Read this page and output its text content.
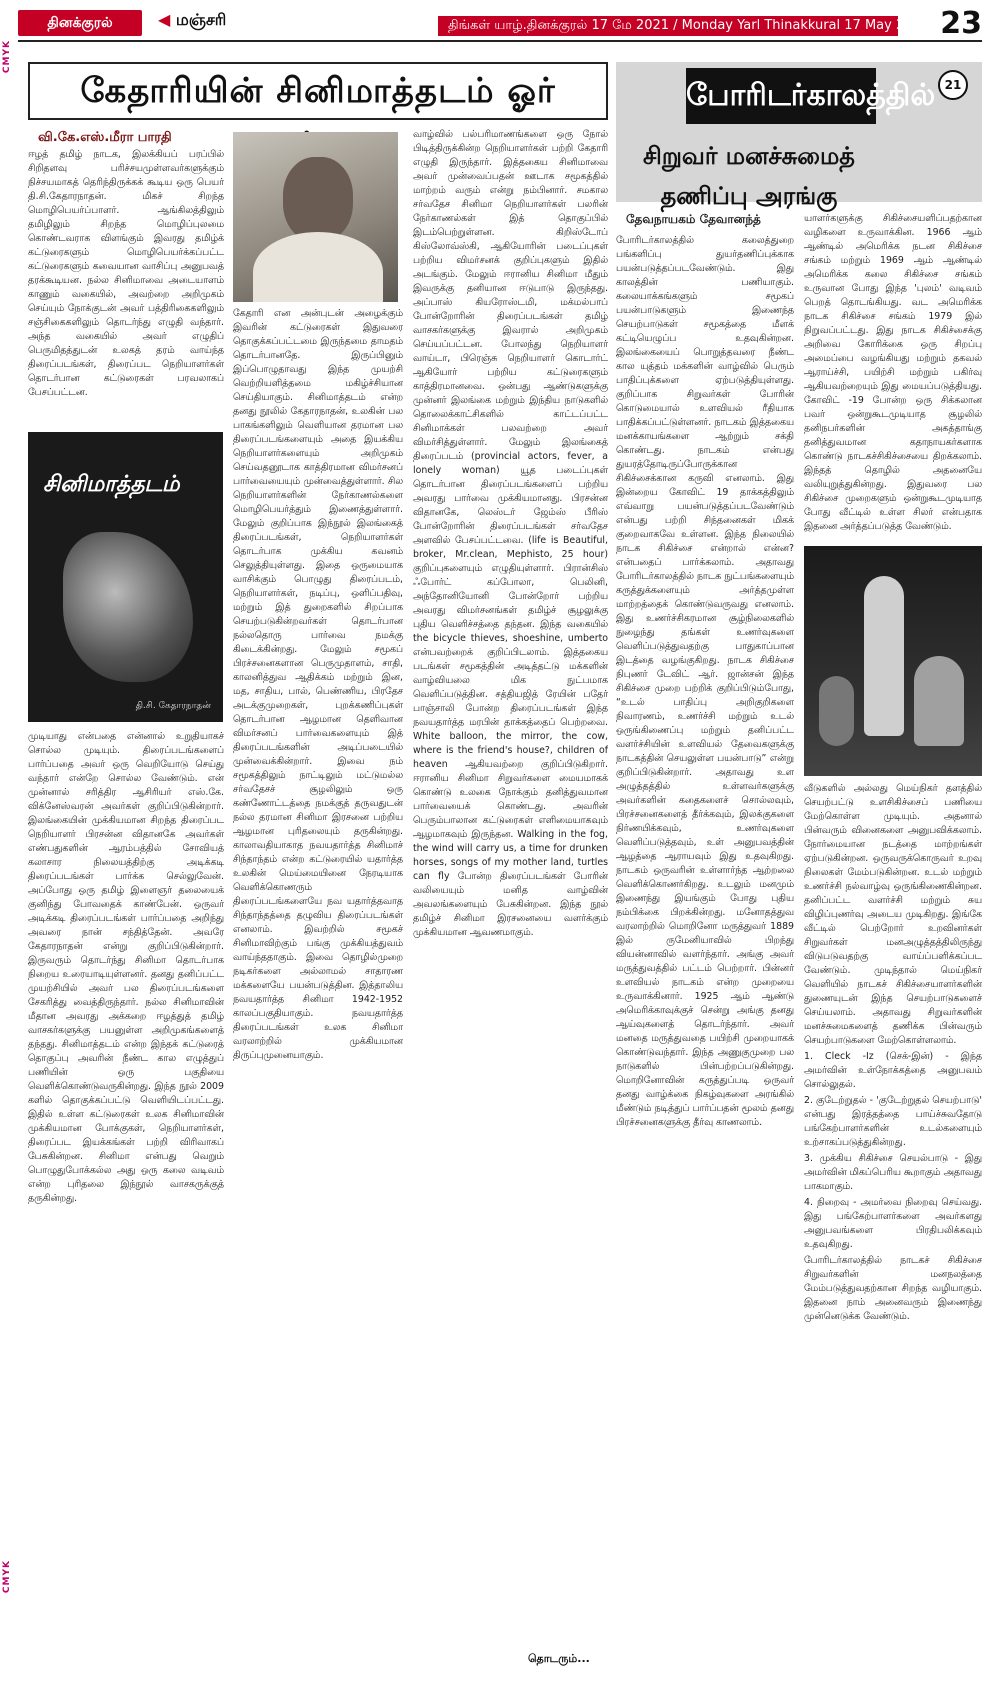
CMYK
CMYK
தினக்குரல்	◀ மஞ்சரி	திங்கள் யாழ்.தினக்குரல் 17 மே 2021 / Monday Yarl Thinakkural 17 May 2021 23
கேதாரியின் சினிமாத்தடம் ஓர்
வி.கே.எஸ்.மீரா பாரதி

ஈழத் தமிழ் நாடக, இலக்கியப் பரப்பில் சிறிதளவு பரிச்சயமுள்ளவர்களுக்கும் நிச்சயமாகத் தெரிந்திருக்கக் கூடிய ஒரு பெயர் தி.சி.கேதாரநாதன். மிகச் சிறந்த மொழிபெயர்ப்பாளர். ஆங்கிலத்திலும் தமிழிலும் சிறந்த மொழிப்புலமை கொண்டவராக விளங்கும் இவரது தமிழ்க் கட்டுரைகளும் மொழிபெயர்க்கப்பட்ட கட்டுரைகளும் கவையான வாசிப்பு அனுபவத் தரக்கூடியன. நல்ல சினிமாவை அடையாளம் காணும் வகையில், அவற்றை அறிமுகம் செய்யும் நோக்குடன் அவர் பத்திரிகைகளிலும் சஞ்சிகைகளிலும் தொடர்ந்து எழுதி வந்தார். அந்த வகையில் அவர் எழுதிப் பெருமிதத்துடன் உலகத் தரம் வாய்ந்த திரைப்படங்கள், திரைப்பட நெறியாளர்கள் தொடர்பான கட்டுரைகள் பரவலாகப் பேசப்பட்டன.

கேதாரி என அன்புடன் அழைக்கும் இவரின் கட்டுரைகள் இதுவரை தொகுக்கப்பட்டமை இருந்தமை தாமதம் தொடர்பானதே. இருப்பினும் இப்பொழுதாவது இந்த முயற்சி வெற்றியளித்தமை மகிழ்ச்சியான செய்தியாகும். சினிமாத்தடம் என்ற தனது நூலில் கேதாரநாதன், உலகின் பல பாகங்களிலும் வெளியான தரமான பல திரைப்படங்களையும் அதை இயக்கிய நெறியாளர்களையும் அறிமுகம் செய்வதனூடாக காத்திரமான விமர்சனப் பார்வையையும் முன்வைத்துள்ளார். சில நெறியாளர்களின் நேர்காணல்களை மொழிபெயர்த்தும் இணைத்துள்ளார். மேலும் குறிப்பாக இந்நூல் இலங்கைத் திரைப்படங்கள், நெறியாளர்கள் தொடர்பாக முக்கிய கவனம் செலுத்தியுள்ளது. இதை ஒருமையாக வாசிக்கும் பொழுது திரைப்படம், நெறியாளர்கள், நடிப்பு, ஒளிப்பதிவு, மற்றும் இத் துறைகளில் சிறப்பாக செயற்படுகின்றவர்கள் தொடர்பான நல்லதொரு பார்வை நமக்கு கிடைக்கின்றது. மேலும் சமூகப் பிரச்சனைகளான பெருமுதாளம், சாதி, காலனித்துவ ஆதிக்கம் மற்றும் இன, மத, சாதிய, பால், பெண்ணிய, பிரதேச அடக்குமுறைகள், புறக்கணிப்புகள் தொடர்பான ஆழமான தெளிவான விமர்சனப் பார்வைகளையும் இத் திரைப்படங்களின் அடிப்படையில் முன்வைக்கின்றார். இவை நம் சமூகத்திலும் நாட்டிலும் மட்டுமல்ல சர்வதேசச் சூழலிலும் ஒரு கண்ணோட்டத்தை நமக்குத் தருவதுடன் நல்ல தரமான சினிமா இரசனை பற்றிய ஆழமான புரிதலையும் தருகின்றது. காலாவதியாகாத நவயதார்த்த சினிமாச் சிந்தாந்தம் என்ற கட்டுரையில் யதார்த்த உலகின் மெய்மையினை நேரடியாக வெளிக்கொணரும் திரைப்படங்களையே நவ யதார்த்தவாத சிந்தாந்தத்தை தழுவிய திரைப்படங்கள் எனலாம். இவற்றில் சமூகச் சினிமாவிற்கும் பங்கு முக்கியத்துவம் வாய்ந்ததாகும். இவை தொழில்முறை நடிகர்களை அல்லாமல் சாதாரண மக்களையே பயன்படுத்தின. இத்தாலிய நவயதார்த்த சினிமா 1942-1952 காலப்பகுதியாகும். நவயதார்த்த திரைப்படங்கள் உலக சினிமா வரலாற்றில் முக்கியமான திருப்புமுனையாகும்.

வாழ்வில் பல்பரிமாணங்களை ஒரு நோல் பிடித்திருக்கின்ற நெறியாளர்கள் பற்றி கேதாரி எழுதி இருந்தார். இத்தகைய சினிமாவை அவர் முன்வைப்பதன் ஊடாக சமூகத்தில் மாற்றம் வரும் என்று நம்பினார். சமகால சர்வதேச சினிமா நெறியாளர்கள் பலரின் நேர்காணல்கள் இத் தொகுப்பில் இடம்பெற்றுள்ளன. கிறிஸ்டோப் கிஸ்லோவ்ஸ்கி, ஆகியோரின் படைப்புகள் பற்றிய விமர்சனக் குறிப்புகளும் இதில் அடங்கும். மேலும் ஈரானிய சினிமா மீதும் இவருக்கு தனியான ஈடுபாடு இருந்தது. அப்பாஸ் கியரோஸ்டமி, மக்மல்பாப் போன்றோரின் திரைப்படங்கள் தமிழ் வாசகர்களுக்கு இவரால் அறிமுகம் செய்யப்பட்டன. போலந்து நெறியாளர் வாய்டா, பிரெஞ்சு நெறியாளர் கொடார்ட் ஆகியோர் பற்றிய கட்டுரைகளும் காத்திரமானவை. ஒன்பது ஆண்டுகளுக்கு முன்னர் இலங்கை மற்றும் இந்திய நாடுகளில் தொலைக்காட்சிகளில் காட்டப்பட்ட சினிமாக்கள் பலவற்றை அவர் விமர்சித்துள்ளார். மேலும் இலங்கைத் திரைப்படம் (provincial actors, fever, a lonely woman) யூத படைப்புகள் தொடர்பான திரைப்படங்களைப் பற்றிய அவரது பார்வை முக்கியமானது. பிரசன்ன விதானகே, லெஸ்டர் ஜேம்ஸ் பீரிஸ் போன்றோரின் திரைப்படங்கள் சர்வதேச அளவில் பேசப்பட்டவை. (life is Beautiful, broker, Mr.clean, Mephisto, 25 hour) குறிப்புகளையும் எழுதியுள்ளார். பிரான்சிஸ் ஃபோர்ட் கப்போலா, பெலினி, அந்தோனியோனி போன்றோர் பற்றிய அவரது விமர்சனங்கள் தமிழ்ச் சூழலுக்கு புதிய வெளிச்சத்தை தந்தன. இந்த வகையில் the bicycle thieves, shoeshine, umberto என்பவற்றைக் குறிப்பிடலாம். இத்தகைய படங்கள் சமூகத்தின் அடித்தட்டு மக்களின் வாழ்வியலை மிக நுட்பமாக வெளிப்படுத்தின. சத்தியஜித் ரேயின் பதேர் பாஞ்சாலி போன்ற திரைப்படங்கள் இந்த நவயதார்த்த மரபின் தாக்கத்தைப் பெற்றவை. White balloon, the mirror, the cow, where is the friend's house?, children of heaven ஆகியவற்றை குறிப்பிடுகிறார். ஈரானிய சினிமா சிறுவர்களை மையமாகக் கொண்டு உலகை நோக்கும் தனித்துவமான பார்வையைக் கொண்டது. அவரின் பெரும்பாலான கட்டுரைகள் எளிமையாகவும் ஆழமாகவும் இருந்தன. Walking in the fog, the wind will carry us, a time for drunken horses, songs of my mother land, turtles can fly போன்ற திரைப்படங்கள் போரின் வலியையும் மனித வாழ்வின் அவலங்களையும் பேசுகின்றன. இந்த நூல் தமிழ்ச் சினிமா இரசனையை வளர்க்கும் முக்கியமான ஆவணமாகும்.

சினிமாத்தடம்
தி.சி. கேதாரநாதன்

முடியாது என்பதை என்னால் உறுதியாகச் சொல்ல முடியும். திரைப்படங்களைப் பார்ப்பதை அவர் ஒரு வெறியோடு செய்து வந்தார் என்றே சொல்ல வேண்டும். என் முன்னால் சரித்திர ஆசிரியர் எஸ்.கே. விக்னேஸ்வரன் அவர்கள் குறிப்பிடுகின்றார். இலங்கையின் முக்கியமான சிறந்த திரைப்பட நெறியாளர் பிரசன்ன விதானகே அவர்கள் எண்பதுகளின் ஆரம்பத்தில் சோவியத் கலாசார நிலையத்திற்கு அடிக்கடி திரைப்படங்கள் பார்க்க செல்லுவேன். அப்போது ஒரு தமிழ் இளைஞர் தலையைக் குனிந்து போவதைக் காண்பேன். ஒருவர் அடிக்கடி திரைப்படங்கள் பார்ப்பதை அறிந்து அவரை நான் சந்தித்தேன். அவரே கேதாரநாதன் என்று குறிப்பிடுகின்றார். இருவரும் தொடர்ந்து சினிமா தொடர்பாக நிறைய உரையாடியுள்ளனர். தனது தனிப்பட்ட முயற்சியில் அவர் பல திரைப்படங்களை சேகரித்து வைத்திருந்தார். நல்ல சினிமாவின் மீதான அவரது அக்கறை ஈழத்துத் தமிழ் வாசகர்களுக்கு பயனுள்ள அறிமுகங்களைத் தந்தது. சினிமாத்தடம் என்ற இந்தக் கட்டுரைத் தொகுப்பு அவரின் நீண்ட கால எழுத்துப் பணியின் ஒரு பகுதியை வெளிக்கொண்டுவருகின்றது. இந்த நூல் 2009 களில் தொகுக்கப்பட்டு வெளியிடப்பட்டது. இதில் உள்ள கட்டுரைகள் உலக சினிமாவின் முக்கியமான போக்குகள், நெறியாளர்கள், திரைப்பட இயக்கங்கள் பற்றி விரிவாகப் பேசுகின்றன. சினிமா என்பது வெறும் பொழுதுபோக்கல்ல அது ஒரு கலை வடிவம் என்ற புரிதலை இந்நூல் வாசகருக்குத் தருகின்றது.

தொடரும்...
போரிடர்காலத்தில்
சிறுவர் மனச்சுமைத் தணிப்பு அரங்கு
21
தேவநாயகம் தேவானந்த்

போரிடர்காலத்தில் கலைத்துறை பங்களிப்பு துயர்தணிப்புக்காக பயன்படுத்தப்படவேண்டும். இது காலத்தின் பணியாகும். கலையாக்கங்களும் சமூகப் பயன்பாடுகளும் இணைந்த செயற்பாடுகள் சமூகத்தை மீளக் கட்டியெழுப்ப உதவுகின்றன. இலங்கையைப் பொறுத்தவரை நீண்ட கால யுத்தம் மக்களின் வாழ்வில் பெரும் பாதிப்புக்களை ஏற்படுத்தியுள்ளது. குறிப்பாக சிறுவர்கள் போரின் கொடுமையால் உளவியல் ரீதியாக பாதிக்கப்பட்டுள்ளனர். நாடகம் இத்தகைய மனக்காயங்களை ஆற்றும் சக்தி கொண்டது. நாடகம் என்பது துயரத்தோடிருப்போருக்கான சிகிச்சைக்கான கருவி எனலாம். இது இன்றைய கோவிட் 19 தாக்கத்திலும் எவ்வாறு பயன்படுத்தப்படவேண்டும் என்பது பற்றி சிந்தனைகள் மிகக் குறைவாகவே உள்ளன. இந்த நிலையில் நாடக சிகிச்சை என்றால் என்ன? என்பதைப் பார்க்கலாம். அதாவது போரிடர்காலத்தில் நாடக நுட்பங்களையும் கருத்துக்களையும் அர்த்தமுள்ள மாற்றத்தைக் கொண்டுவருவது எனலாம். இது உணர்ச்சிகரமான சூழ்நிலைகளில் நுழைந்து தங்கள் உணர்வுகளை வெளிப்படுத்துவதற்கு பாதுகாப்பான இடத்தை வழங்குகிறது. நாடக சிகிச்சை நிபுணர் டேவிட் ஆர். ஜான்சன் இந்த சிகிச்சை முறை பற்றிக் குறிப்பிடும்போது, “உடல் பாதிப்பு அறிகுறிகளை நிவாரணம், உணர்ச்சி மற்றும் உடல் ஒருங்கிணைப்பு மற்றும் தனிப்பட்ட வளர்ச்சியின் உளவியல் தேவைகளுக்கு நாடகத்தின் செயலுள்ள பயன்பாடு” என்று குறிப்பிடுகின்றார். அதாவது உள அழுத்தத்தில் உள்ளவர்களுக்கு அவர்களின் கதைகளைச் சொல்லவும், பிரச்சனைகளைத் தீர்க்கவும், இலக்குகளை நிர்ணயிக்கவும், உணர்வுகளை வெளிப்படுத்தவும், உள் அனுபவத்தின் ஆழத்தை ஆராயவும் இது உதவுகிறது. நாடகம் ஒருவரின் உள்ளார்ந்த ஆற்றலை வெளிக்கொணர்கிறது. உடலும் மனமும் இணைந்து இயங்கும் போது புதிய நம்பிக்கை பிறக்கின்றது. மனோதத்துவ வரலாற்றில் மொறினோ மருத்துவர் 1889 இல் ருமேனியாவில் பிறந்து வியன்னாவில் வளர்ந்தார். அங்கு அவர் மருத்துவத்தில் பட்டம் பெற்றார். பின்னர் உளவியல் நாடகம் என்ற முறையை உருவாக்கினார். 1925 ஆம் ஆண்டு அமெரிக்காவுக்குச் சென்று அங்கு தனது ஆய்வுகளைத் தொடர்ந்தார். அவர் மனதை மருத்துவதை பயிற்சி முறையாகக் கொண்டுவந்தார். இந்த அணுகுமுறை பல நாடுகளில் பின்பற்றப்படுகின்றது. மொறினோவின் கருத்துப்படி ஒருவர் தனது வாழ்க்கை நிகழ்வுகளை அரங்கில் மீண்டும் நடித்துப் பார்ப்பதன் மூலம் தனது பிரச்சனைகளுக்கு தீர்வு காணலாம்.

யாளர்களுக்கு சிகிச்சையளிப்பதற்கான வழிகளை உருவாக்கின. 1966 ஆம் ஆண்டில் அமெரிக்க நடன சிகிச்சை சங்கம் மற்றும் 1969 ஆம் ஆண்டில் அமெரிக்க கலை சிகிச்சை சங்கம் உருவான போது இந்த 'புலம்' வடிவம் பெறத் தொடங்கியது. வட அமெரிக்க நாடக சிகிச்சை சங்கம் 1979 இல் நிறுவப்பட்டது. இது நாடக சிகிச்சைக்கு அறிவை கோரிக்கை ஒரு சிறப்பு அமைப்பை வழங்கியது மற்றும் தகவல் ஆராய்ச்சி, பயிற்சி மற்றும் பகிர்வு ஆகியவற்றையும் இது மையப்படுத்தியது. கோவிட் -19 போன்ற ஒரு சிக்கலான பவர் ஒன்றுகூடமுடியாத சூழலில் தனிநபர்களின் அகத்தாங்கு தனித்துவமான கதாநாயகர்களாக கொண்டு நாடகச்சிகிச்சையை திறக்கலாம். இந்தத் தொழில் அதனையே வலியுறுத்துகின்றது. இதுவரை பல சிகிச்சை முறைகளும் ஒன்றுகூடமுடியாத போது வீட்டில் உள்ள சிலர் என்பதாக இதனை அர்த்தப்படுத்த வேண்டும்.

வீடுகளில் அல்லது மெய்நிகர் தளத்தில் செயற்பட்டு உளசிகிச்சைப் பணியை மேற்கொள்ள முடியும். அதனால் பின்வரும் வினைகளை அனுபவிக்கலாம். நோர்மையான நடத்தை மாற்றங்கள் ஏற்படுகின்றன. ஒருவருக்கொருவர் உறவு நிலைகள் மேம்படுகின்றன. உடல் மற்றும் உணர்ச்சி நல்வாழ்வு ஒருங்கிணைகின்றன. தனிப்பட்ட வளர்ச்சி மற்றும் சுய விழிப்புணர்வு அடைய முடிகிறது. இங்கே வீட்டில் பெற்றோர் உறவினர்கள் சிறுவர்கள் மனஅழுத்தத்திலிருந்து விடுபடுவதற்கு வாய்ப்பளிக்கப்பட வேண்டும். முடிந்தால் மெய்நிகர் வெளியில் நாடகச் சிகிச்சையாளர்களின் துணையுடன் இந்த செயற்பாடுகளைச் செய்யலாம். அதாவது சிறுவர்களின் மனச்சுமைகளைத் தணிக்க பின்வரும் செயற்பாடுகளை மேற்கொள்ளலாம்.

1. Cleck -Iz (செக்-இன்) - இந்த அமர்வின் உள்நோக்கத்தை அனுபவம் சொல்லுதல்.

2. குடேற்றுதல் - 'குடேற்றுதல் செயற்பாடு' என்பது இரத்தத்தை பாய்ச்சுவதோடு பங்கேற்பாளர்களின் உடல்களையும் உற்சாகப்படுத்துகின்றது.

3. முக்கிய சிகிச்சை செயல்பாடு - இது அமர்வின் மிகப்பெரிய கூறாகும் அதாவது பாகமாகும்.

4. நிறைவு - அமர்வை நிறைவு செய்வது. இது பங்கேற்பாளர்களை அவர்களது அனுபவங்களை பிரதிபலிக்கவும் உதவுகிறது.

போரிடர்காலத்தில் நாடகச் சிகிச்சை சிறுவர்களின் மனநலத்தை மேம்படுத்துவதற்கான சிறந்த வழியாகும். இதனை நாம் அனைவரும் இணைந்து முன்னெடுக்க வேண்டும்.
